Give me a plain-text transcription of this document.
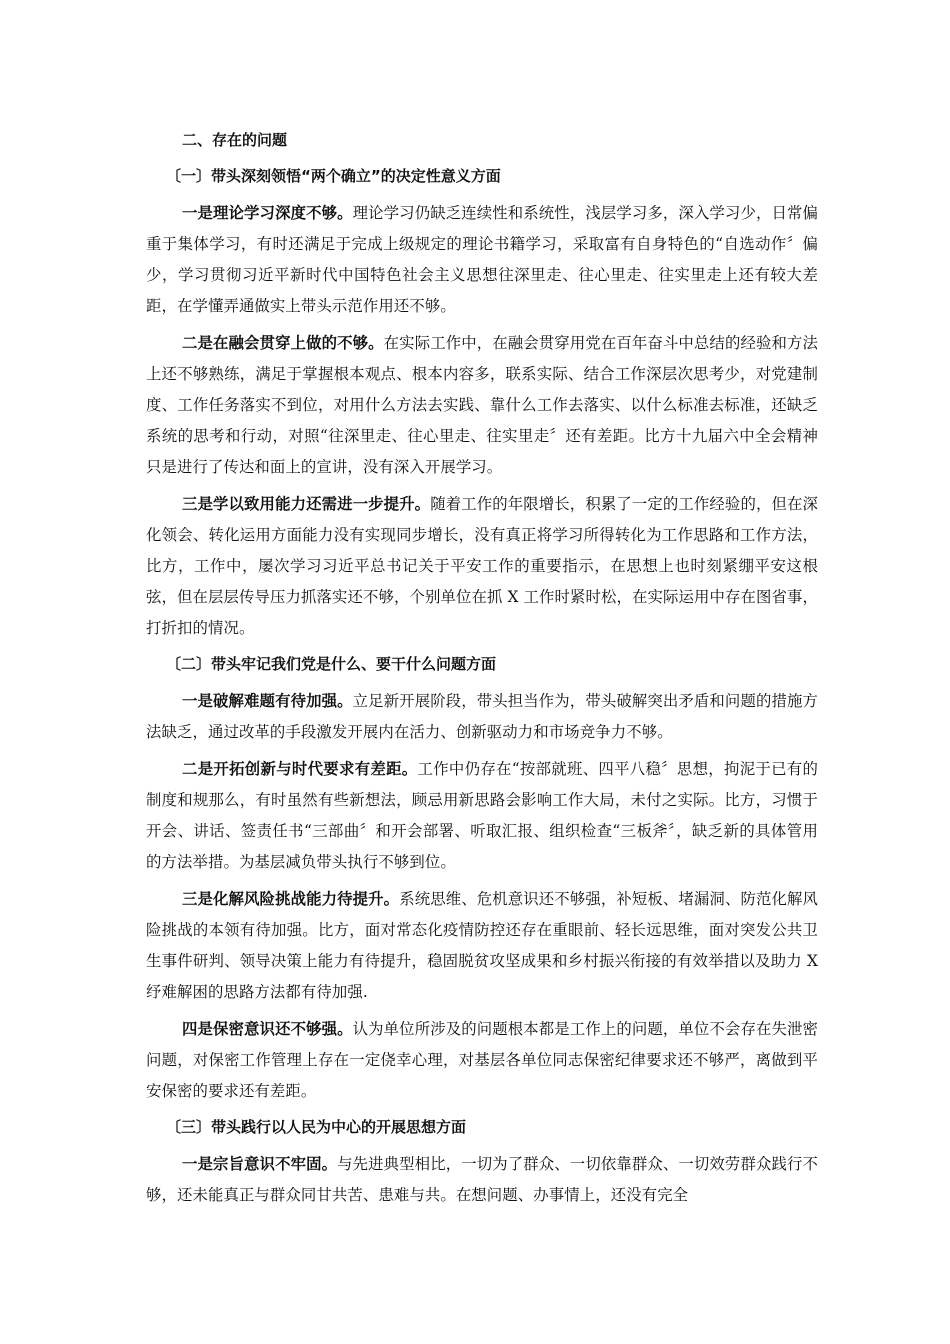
二、存在的问题
〔一〕带头深刻领悟“两个确立”的决定性意义方面

一是理论学习深度不够。理论学习仍缺乏连续性和系统性，浅层学习多，深入学习少，日常偏重于集体学习，有时还满足于完成上级规定的理论书籍学习，采取富有自身特色的“自选动作〞偏少，学习贯彻习近平新时代中国特色社会主义思想往深里走、往心里走、往实里走上还有较大差距，在学懂弄通做实上带头示范作用还不够。

二是在融会贯穿上做的不够。在实际工作中，在融会贯穿用党在百年奋斗中总结的经验和方法上还不够熟练，满足于掌握根本观点、根本内容多，联系实际、结合工作深层次思考少，对党建制度、工作任务落实不到位，对用什么方法去实践、靠什么工作去落实、以什么标准去标准，还缺乏系统的思考和行动，对照“往深里走、往心里走、往实里走〞还有差距。比方十九届六中全会精神只是进行了传达和面上的宣讲，没有深入开展学习。

三是学以致用能力还需进一步提升。随着工作的年限增长，积累了一定的工作经验的，但在深化领会、转化运用方面能力没有实现同步增长，没有真正将学习所得转化为工作思路和工作方法，比方，工作中，屡次学习习近平总书记关于平安工作的重要指示，在思想上也时刻紧绷平安这根弦，但在层层传导压力抓落实还不够，个别单位在抓 X 工作时紧时松，在实际运用中存在图省事，打折扣的情况。

〔二〕带头牢记我们党是什么、要干什么问题方面

一是破解难题有待加强。立足新开展阶段，带头担当作为，带头破解突出矛盾和问题的措施方法缺乏，通过改革的手段激发开展内在活力、创新驱动力和市场竞争力不够。

二是开拓创新与时代要求有差距。工作中仍存在“按部就班、四平八稳〞思想，拘泥于已有的制度和规那么，有时虽然有些新想法，顾忌用新思路会影响工作大局，未付之实际。比方，习惯于开会、讲话、签责任书“三部曲〞和开会部署、听取汇报、组织检查“三板斧〞，缺乏新的具体管用的方法举措。为基层减负带头执行不够到位。

三是化解风险挑战能力待提升。系统思维、危机意识还不够强，补短板、堵漏洞、防范化解风险挑战的本领有待加强。比方，面对常态化疫情防控还存在重眼前、轻长远思维，面对突发公共卫生事件研判、领导决策上能力有待提升，稳固脱贫攻坚成果和乡村振兴衔接的有效举措以及助力 X 纾难解困的思路方法都有待加强.

四是保密意识还不够强。认为单位所涉及的问题根本都是工作上的问题，单位不会存在失泄密问题，对保密工作管理上存在一定侥幸心理，对基层各单位同志保密纪律要求还不够严，离做到平安保密的要求还有差距。

〔三〕带头践行以人民为中心的开展思想方面

一是宗旨意识不牢固。与先进典型相比，一切为了群众、一切依靠群众、一切效劳群众践行不够，还未能真正与群众同甘共苦、患难与共。在想问题、办事情上，还没有完全
